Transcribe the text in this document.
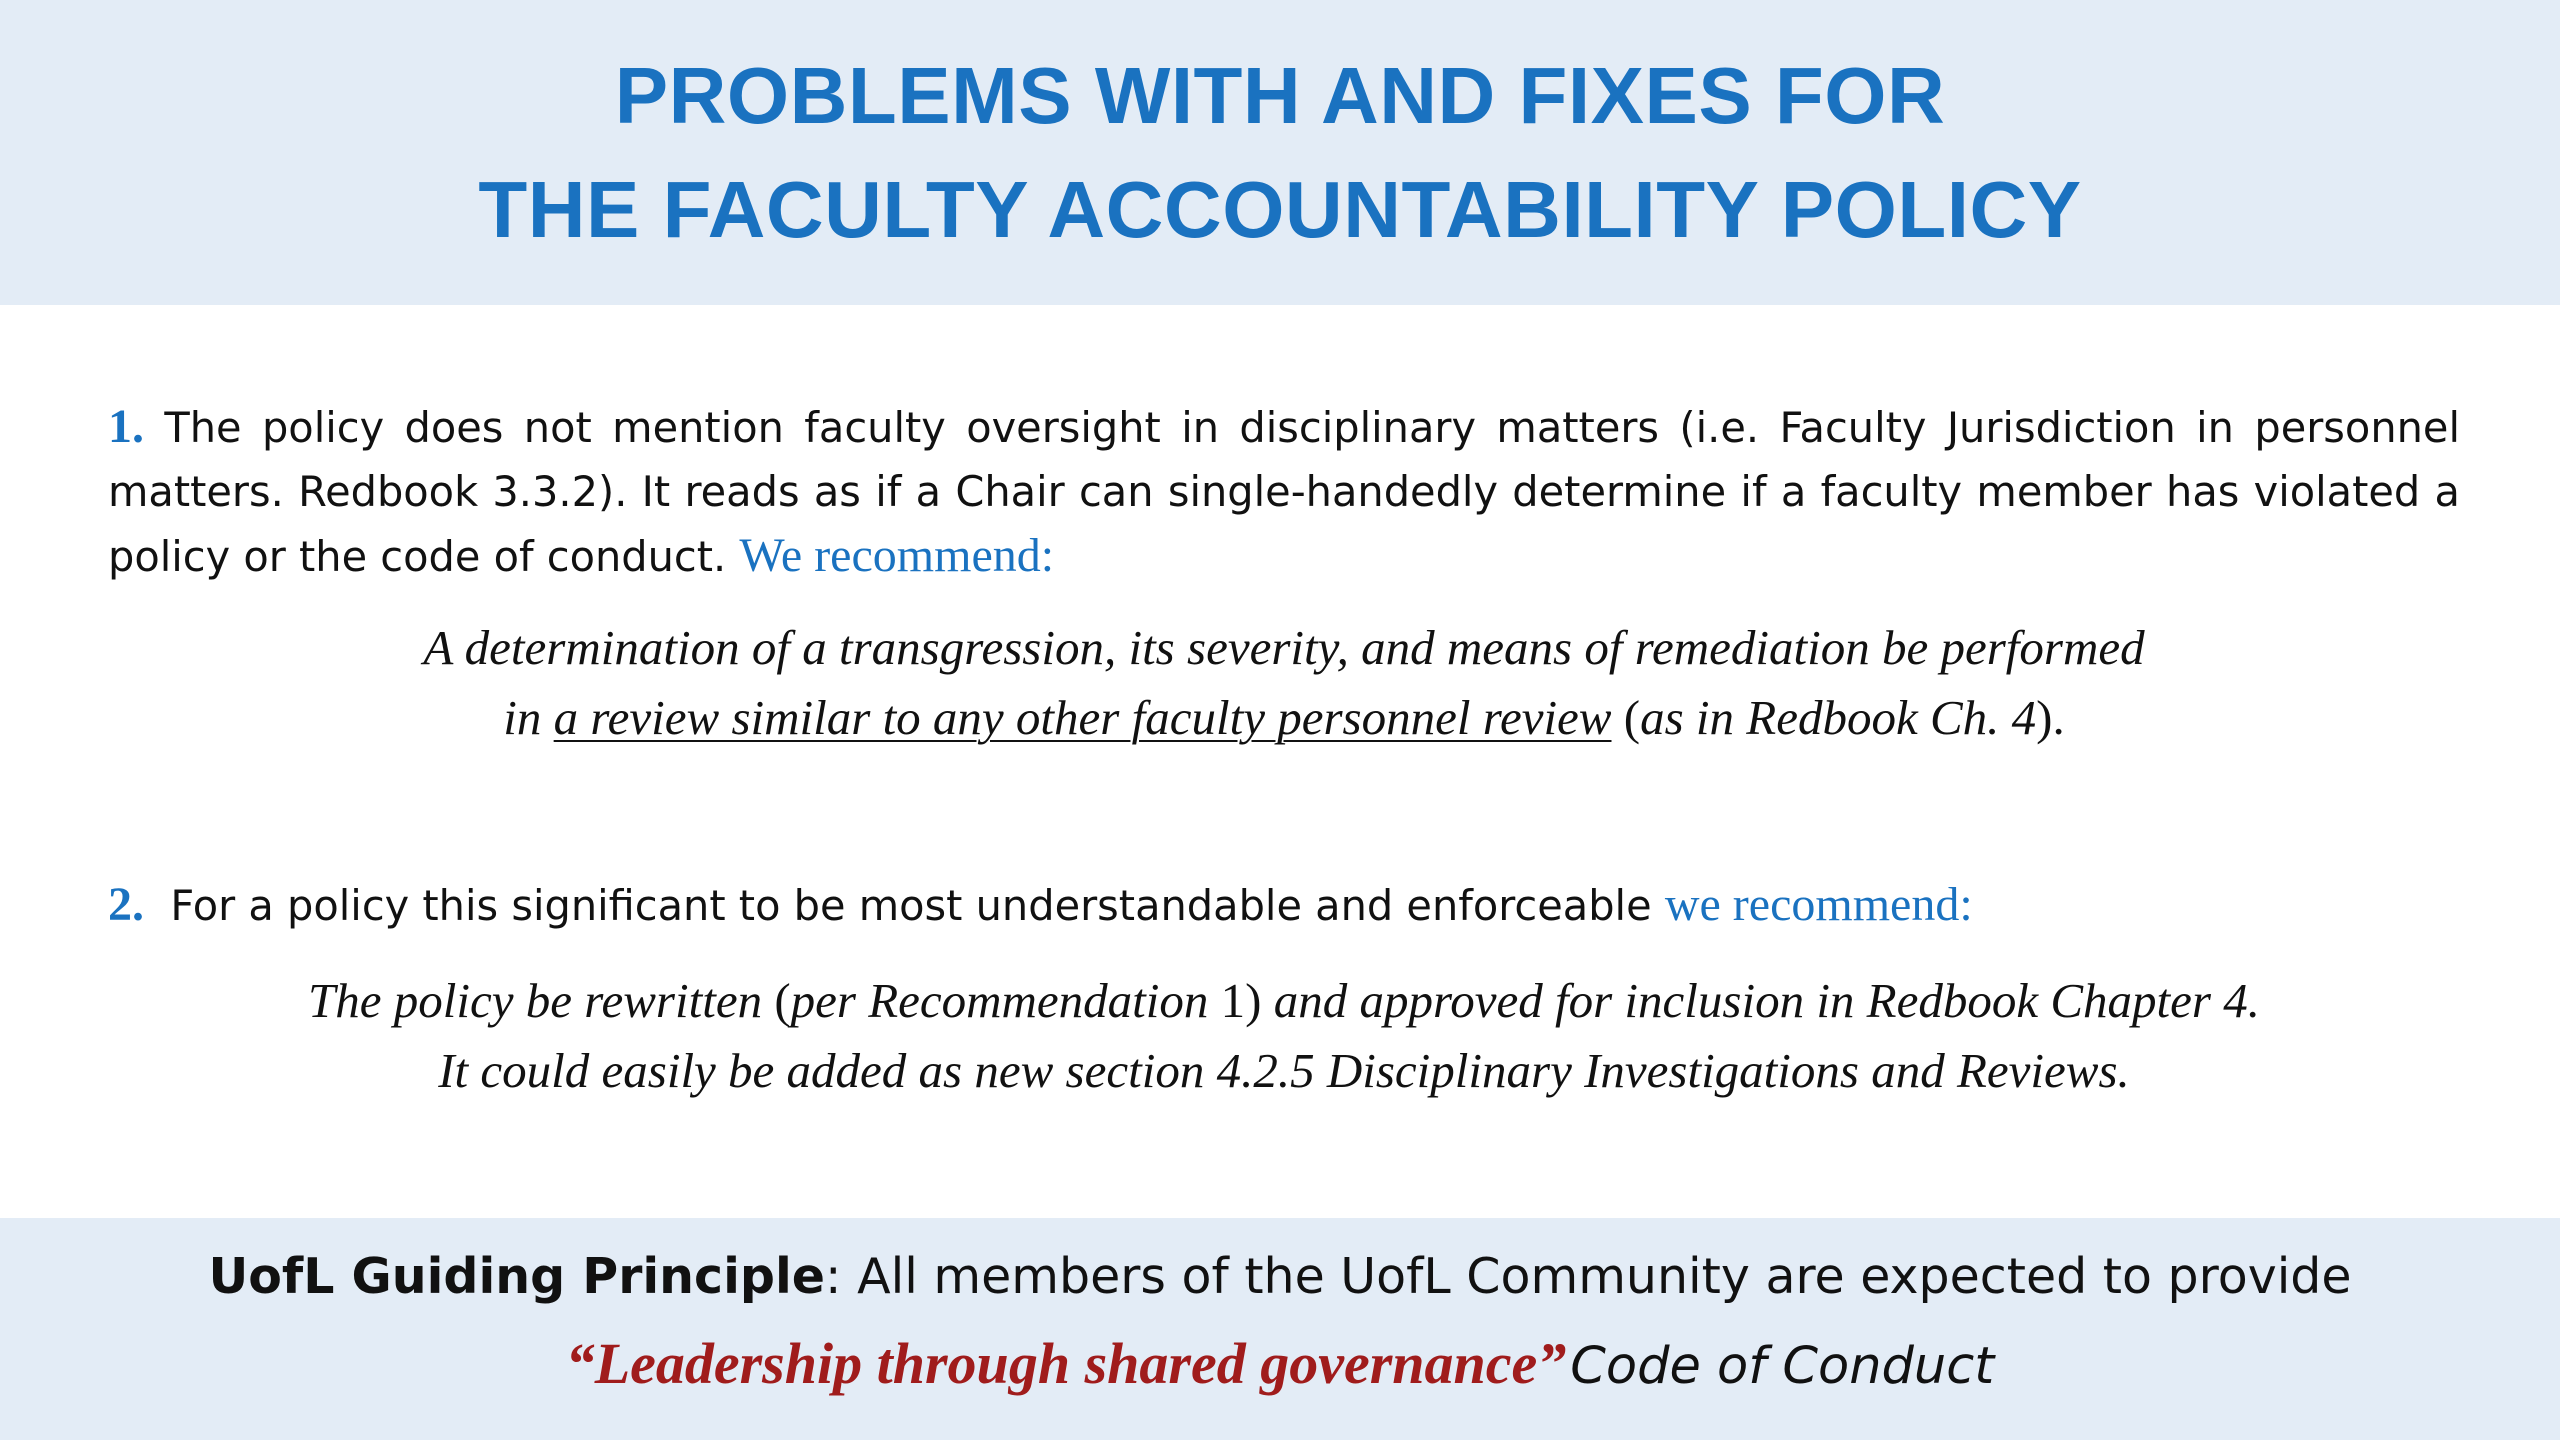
PROBLEMS WITH AND FIXES FOR
THE FACULTY ACCOUNTABILITY POLICY

1. The policy does not mention faculty oversight in disciplinary matters (i.e. Faculty Jurisdiction in personnel matters. Redbook 3.3.2). It reads as if a Chair can single-handedly determine if a faculty member has violated a policy or the code of conduct. We recommend:

A determination of a transgression, its severity, and means of remediation be performed
in a review similar to any other faculty personnel review (as in Redbook Ch. 4).

2. For a policy this significant to be most understandable and enforceable we recommend:

The policy be rewritten (per Recommendation 1) and approved for inclusion in Redbook Chapter 4.
It could easily be added as new section 4.2.5 Disciplinary Investigations and Reviews.

UofL Guiding Principle: All members of the UofL Community are expected to provide
“Leadership through shared governance” Code of Conduct
